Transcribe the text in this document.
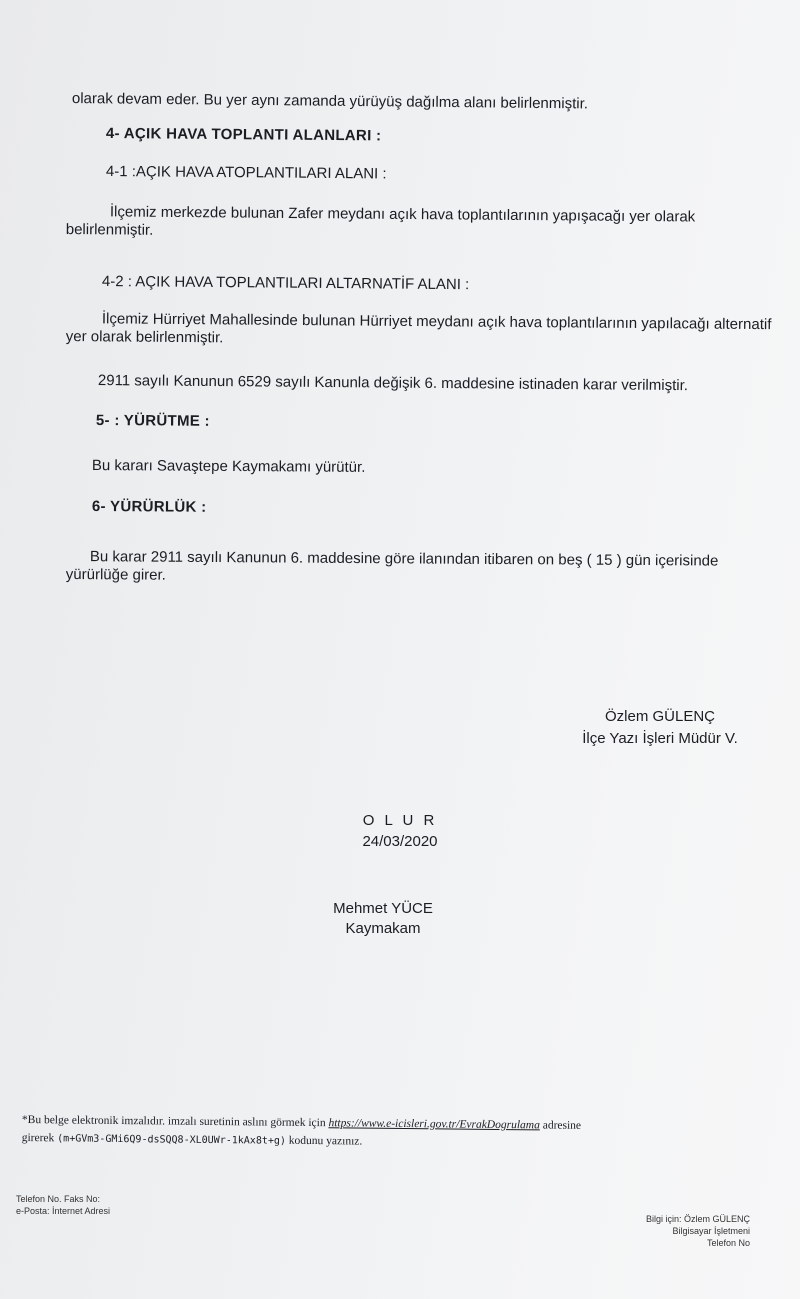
olarak devam eder. Bu yer aynı zamanda yürüyüş dağılma alanı belirlenmiştir.
4- AÇIK HAVA TOPLANTI ALANLARI :
4-1 :AÇIK HAVA ATOPLANTILARI ALANI :
İlçemiz merkezde bulunan Zafer meydanı açık hava toplantılarının yapışacağı yer olarak belirlenmiştir.
4-2 : AÇIK HAVA TOPLANTILARI ALTARNATİF ALANI :
İlçemiz Hürriyet Mahallesinde bulunan Hürriyet meydanı açık hava toplantılarının yapılacağı alternatif yer olarak belirlenmiştir.
2911 sayılı Kanunun 6529 sayılı Kanunla değişik 6. maddesine istinaden karar verilmiştir.
5- : YÜRÜTME :
Bu kararı Savaştepe Kaymakamı yürütür.
6- YÜRÜRLÜK :
Bu karar 2911 sayılı Kanunun 6. maddesine göre ilanından itibaren on beş ( 15 ) gün içerisinde yürürlüğe girer.
Özlem GÜLENÇ
İlçe Yazı İşleri Müdür V.
O L U R
24/03/2020
Mehmet YÜCE
Kaymakam
*Bu belge elektronik imzalıdır. imzalı suretinin aslını görmek için https://www.e-icisleri.gov.tr/EvrakDogrulama adresine
girerek (m+GVm3-GMi6Q9-dsSQQ8-XL0UWr-1kAx8t+g) kodunu yazınız.
Telefon No. Faks No:
e-Posta: İnternet Adresi
Bilgi için: Özlem GÜLENÇ
Bilgisayar İşletmeni
Telefon No
